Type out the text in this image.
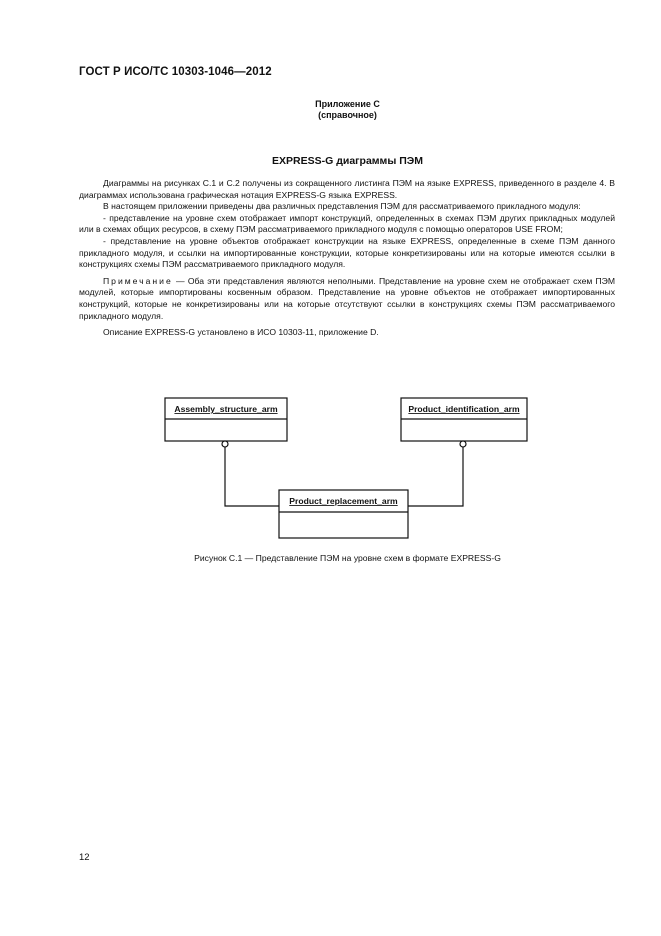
ГОСТ Р ИСО/ТС 10303-1046—2012
Приложение C
(справочное)
EXPRESS-G диаграммы ПЭМ

Диаграммы на рисунках C.1 и C.2 получены из сокращенного листинга ПЭМ на языке EXPRESS, приведенного в разделе 4. В диаграммах использована графическая нотация EXPRESS-G языка EXPRESS.

В настоящем приложении приведены два различных представления ПЭМ для рассматриваемого прикладного модуля:

- представление на уровне схем отображает импорт конструкций, определенных в схемах ПЭМ других прикладных модулей или в схемах общих ресурсов, в схему ПЭМ рассматриваемого прикладного модуля с помощью операторов USE FROM;

- представление на уровне объектов отображает конструкции на языке EXPRESS, определенные в схеме ПЭМ данного прикладного модуля, и ссылки на импортированные конструкции, которые конкретизированы или на которые имеются ссылки в конструкциях схемы ПЭМ рассматриваемого прикладного модуля.

Примечание — Оба эти представления являются неполными. Представление на уровне схем не отображает схем ПЭМ модулей, которые импортированы косвенным образом. Представление на уровне объектов не отображает импортированных конструкций, которые не конкретизированы или на которые отсутствуют ссылки в конструкциях схемы ПЭМ рассматриваемого прикладного модуля.

Описание EXPRESS-G установлено в ИСО 10303-11, приложение D.

Assembly_structure_arm	Product_identification_arm
Product_replacement_arm
Рисунок C.1 — Представление ПЭМ на уровне схем в формате EXPRESS-G
12
